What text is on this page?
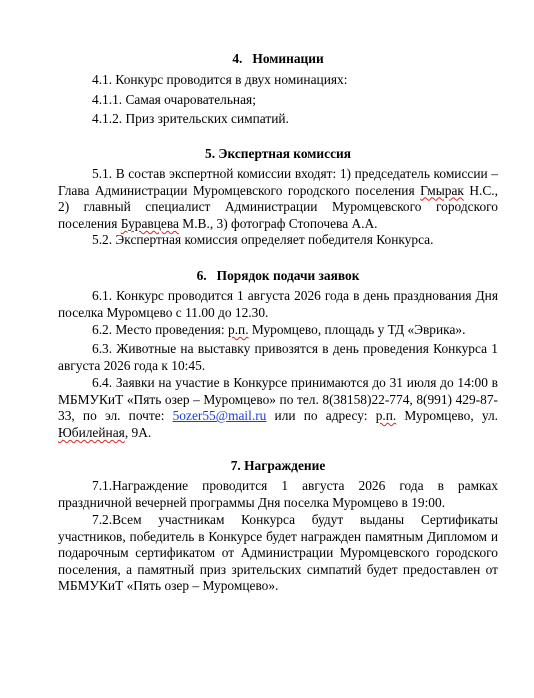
4.   Номинации

4.1. Конкурс проводится в двух номинациях:

4.1.1. Самая очаровательная;

4.1.2. Приз зрительских симпатий.

5. Экспертная комиссия

5.1. В состав экспертной комиссии входят: 1) председатель комиссии – Глава Администрации Муромцевского городского поселения Гмырак Н.С., 2) главный специалист Администрации Муромцевского городского поселения Буравцева М.В., 3) фотограф Стопочева А.А.

5.2. Экспертная комиссия определяет победителя Конкурса.

6.   Порядок подачи заявок

6.1. Конкурс проводится 1 августа 2026 года в день празднования Дня поселка Муромцево с 11.00 до 12.30.

6.2. Место проведения: р.п. Муромцево, площадь у ТД «Эврика».

6.3. Животные на выставку привозятся в день проведения Конкурса 1 августа 2026 года к 10:45.

6.4. Заявки на участие в Конкурсе принимаются до 31 июля до 14:00 в МБМУКиТ «Пять озер – Муромцево» по тел. 8(38158)22-774, 8(991) 429-87-33, по эл. почте: 5ozer55@mail.ru или по адресу: р.п. Муромцево, ул. Юбилейная, 9А.

7. Награждение

7.1.Награждение проводится 1 августа 2026 года в рамках праздничной вечерней программы Дня поселка Муромцево в 19:00.

7.2.Всем участникам Конкурса будут выданы Сертификаты участников, победитель в Конкурсе будет награжден памятным Дипломом и подарочным сертификатом от Администрации Муромцевского городского поселения, а памятный приз зрительских симпатий будет предоставлен от МБМУКиТ «Пять озер – Муромцево».
